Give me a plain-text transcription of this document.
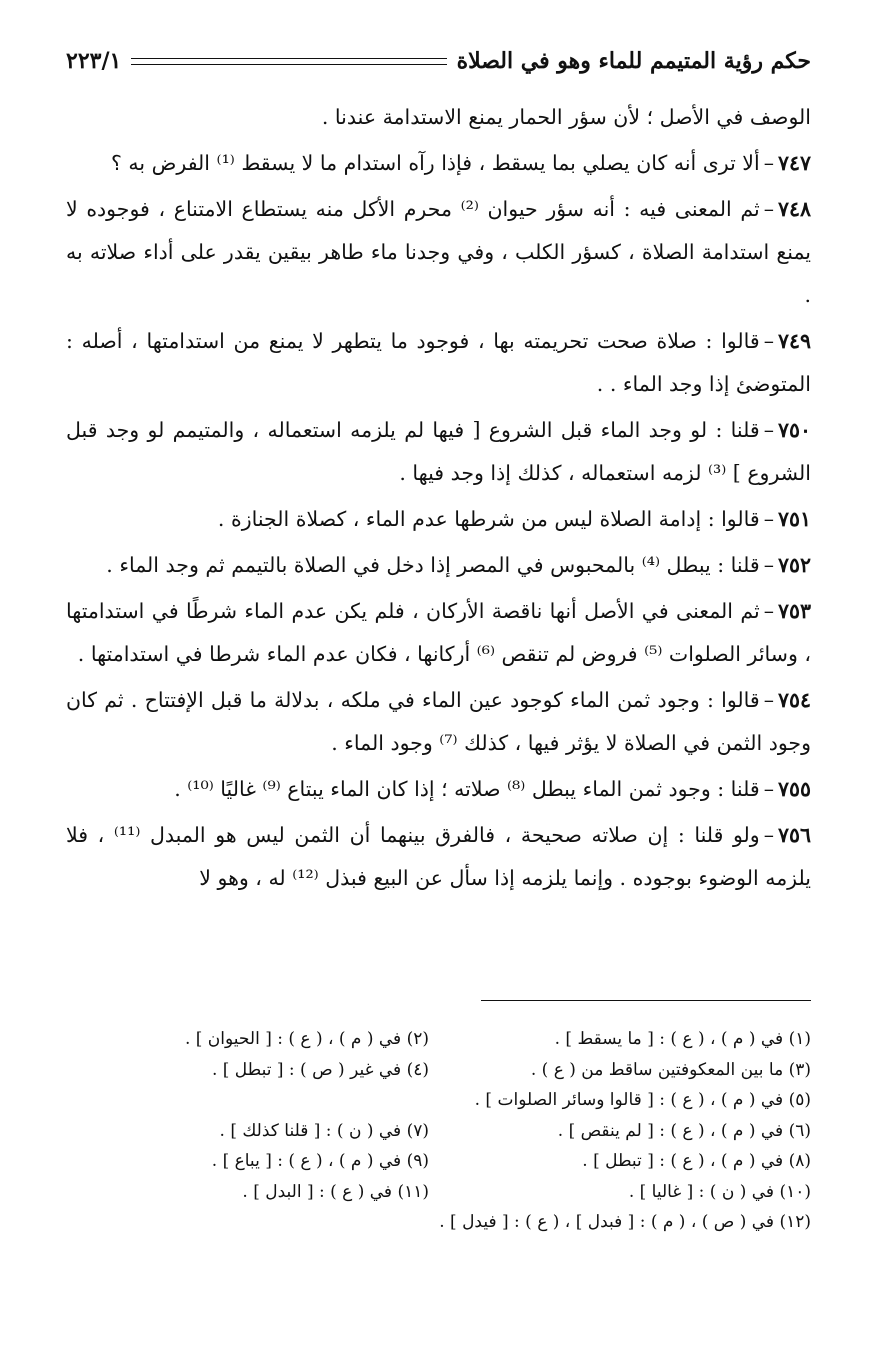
حكم رؤية المتيمم للماء وهو في الصلاة
٢٢٣/١

الوصف في الأصل ؛ لأن سؤر الحمار يمنع الاستدامة عندنا .

٧٤٧–ألا ترى أنه كان يصلي بما يسقط ، فإذا رآه استدام ما لا يسقط ⁽¹⁾ الفرض به ؟

٧٤٨–ثم المعنى فيه : أنه سؤر حيوان ⁽²⁾ محرم الأكل منه يستطاع الامتناع ، فوجوده لا يمنع استدامة الصلاة ، كسؤر الكلب ، وفي وجدنا ماء طاهر بيقين يقدر على أداء صلاته به .

٧٤٩–قالوا : صلاة صحت تحريمته بها ، فوجود ما يتطهر لا يمنع من استدامتها ، أصله : المتوضئ إذا وجد الماء . .

٧٥٠–قلنا : لو وجد الماء قبل الشروع [ فيها لم يلزمه استعماله ، والمتيمم لو وجد قبل الشروع ] ⁽³⁾ لزمه استعماله ، كذلك إذا وجد فيها .

٧٥١–قالوا : إدامة الصلاة ليس من شرطها عدم الماء ، كصلاة الجنازة .

٧٥٢–قلنا : يبطل ⁽⁴⁾ بالمحبوس في المصر إذا دخل في الصلاة بالتيمم ثم وجد الماء .

٧٥٣–ثم المعنى في الأصل أنها ناقصة الأركان ، فلم يكن عدم الماء شرطًا في استدامتها ، وسائر الصلوات ⁽⁵⁾ فروض لم تنقص ⁽⁶⁾ أركانها ، فكان عدم الماء شرطا في استدامتها .

٧٥٤–قالوا : وجود ثمن الماء كوجود عين الماء في ملكه ، بدلالة ما قبل الإفتتاح . ثم كان وجود الثمن في الصلاة لا يؤثر فيها ، كذلك ⁽⁷⁾ وجود الماء .

٧٥٥–قلنا : وجود ثمن الماء يبطل ⁽⁸⁾ صلاته ؛ إذا كان الماء يبتاع ⁽⁹⁾ غاليًا ⁽¹⁰⁾ .

٧٥٦–ولو قلنا : إن صلاته صحيحة ، فالفرق بينهما أن الثمن ليس هو المبدل ⁽¹¹⁾ ، فلا يلزمه الوضوء بوجوده . وإنما يلزمه إذا سأل عن البيع فبذل ⁽¹²⁾ له ، وهو لا

(١) في ( م ) ، ( ع ) : [ ما يسقط ] .
(٢) في ( م ) ، ( ع ) : [ الحيوان ] .
(٣) ما بين المعكوفتين ساقط من ( ع ) .
(٤) في غير ( ص ) : [ تبطل ] .
(٥) في ( م ) ، ( ع ) : [ قالوا وسائر الصلوات ] .
(٦) في ( م ) ، ( ع ) : [ لم ينقص ] .
(٧) في ( ن ) : [ قلنا كذلك ] .
(٨) في ( م ) ، ( ع ) : [ تبطل ] .
(٩) في ( م ) ، ( ع ) : [ يباع ] .
(١٠) في ( ن ) : [ غاليا ] .
(١١) في ( ع ) : [ البدل ] .
(١٢) في ( ص ) ، ( م ) : [ فبدل ] ، ( ع ) : [ فيدل ] .
